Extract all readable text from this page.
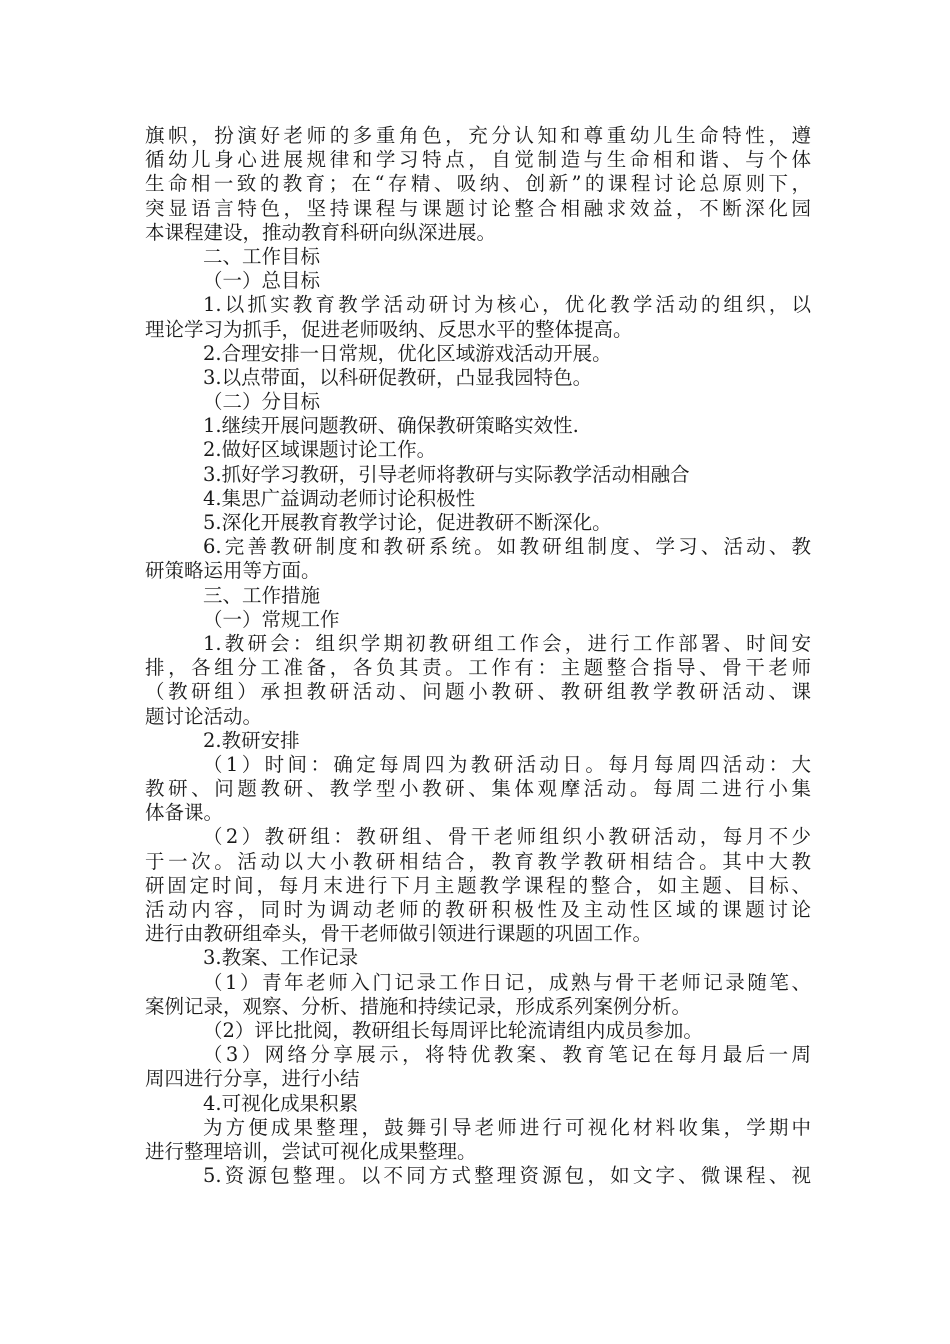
旗帜，扮演好老师的多重角色，充分认知和尊重幼儿生命特性，遵
循幼儿身心进展规律和学习特点，自觉制造与生命相和谐、与个体
生命相一致的教育；在“存精、吸纳、创新”的课程讨论总原则下，
突显语言特色，坚持课程与课题讨论整合相融求效益，不断深化园
本课程建设，推动教育科研向纵深进展。
二、工作目标
（一）总目标
1.以抓实教育教学活动研讨为核心，优化教学活动的组织，以
理论学习为抓手，促进老师吸纳、反思水平的整体提高。
2.合理安排一日常规，优化区域游戏活动开展。
3.以点带面，以科研促教研，凸显我园特色。
（二）分目标
1.继续开展问题教研、确保教研策略实效性.
2.做好区域课题讨论工作。
3.抓好学习教研，引导老师将教研与实际教学活动相融合
4.集思广益调动老师讨论积极性
5.深化开展教育教学讨论，促进教研不断深化。
6.完善教研制度和教研系统。如教研组制度、学习、活动、教
研策略运用等方面。
三、工作措施
（一）常规工作
1.教研会：组织学期初教研组工作会，进行工作部署、时间安
排，各组分工准备，各负其责。工作有：主题整合指导、骨干老师
（教研组）承担教研活动、问题小教研、教研组教学教研活动、课
题讨论活动。
2.教研安排
（1）时间：确定每周四为教研活动日。每月每周四活动：大
教研、问题教研、教学型小教研、集体观摩活动。每周二进行小集
体备课。
（2）教研组：教研组、骨干老师组织小教研活动，每月不少
于一次。活动以大小教研相结合，教育教学教研相结合。其中大教
研固定时间，每月末进行下月主题教学课程的整合，如主题、目标、
活动内容，同时为调动老师的教研积极性及主动性区域的课题讨论
进行由教研组牵头，骨干老师做引领进行课题的巩固工作。
3.教案、工作记录
（1）青年老师入门记录工作日记，成熟与骨干老师记录随笔、
案例记录，观察、分析、措施和持续记录，形成系列案例分析。
（2）评比批阅，教研组长每周评比轮流请组内成员参加。
（3）网络分享展示，将特优教案、教育笔记在每月最后一周
周四进行分享，进行小结
4.可视化成果积累
为方便成果整理，鼓舞引导老师进行可视化材料收集，学期中
进行整理培训，尝试可视化成果整理。
5.资源包整理。以不同方式整理资源包，如文字、微课程、视
